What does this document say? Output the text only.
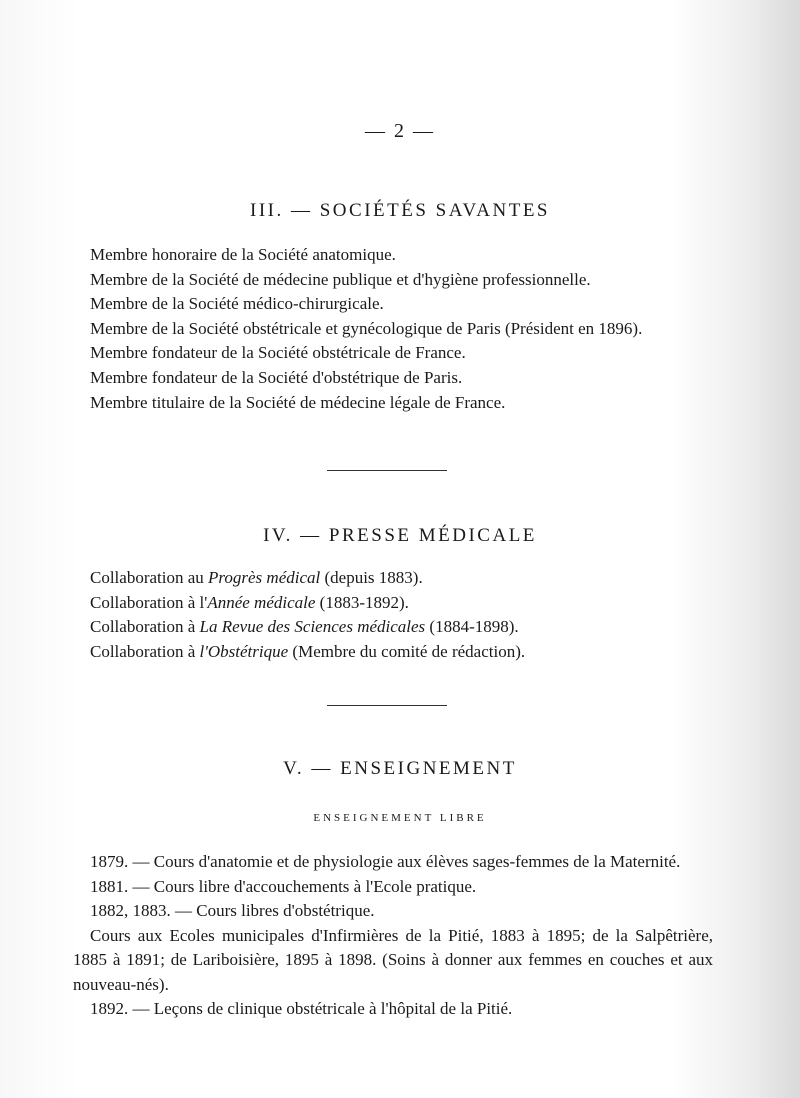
— 2 —
III. — SOCIÉTÉS SAVANTES

Membre honoraire de la Société anatomique.

Membre de la Société de médecine publique et d'hygiène professionnelle.

Membre de la Société médico-chirurgicale.

Membre de la Société obstétricale et gynécologique de Paris (Président en 1896).

Membre fondateur de la Société obstétricale de France.

Membre fondateur de la Société d'obstétrique de Paris.

Membre titulaire de la Société de médecine légale de France.

IV. — PRESSE MÉDICALE

Collaboration au Progrès médical (depuis 1883).

Collaboration à l'Année médicale (1883-1892).

Collaboration à La Revue des Sciences médicales (1884-1898).

Collaboration à l'Obstétrique (Membre du comité de rédaction).

V. — ENSEIGNEMENT
ENSEIGNEMENT LIBRE

1879. — Cours d'anatomie et de physiologie aux élèves sages-femmes de la Maternité.

1881. — Cours libre d'accouchements à l'Ecole pratique.

1882, 1883. — Cours libres d'obstétrique.

Cours aux Ecoles municipales d'Infirmières de la Pitié, 1883 à 1895; de la Salpêtrière, 1885 à 1891; de Lariboisière, 1895 à 1898. (Soins à donner aux femmes en couches et aux nouveau-nés).

1892. — Leçons de clinique obstétricale à l'hôpital de la Pitié.
